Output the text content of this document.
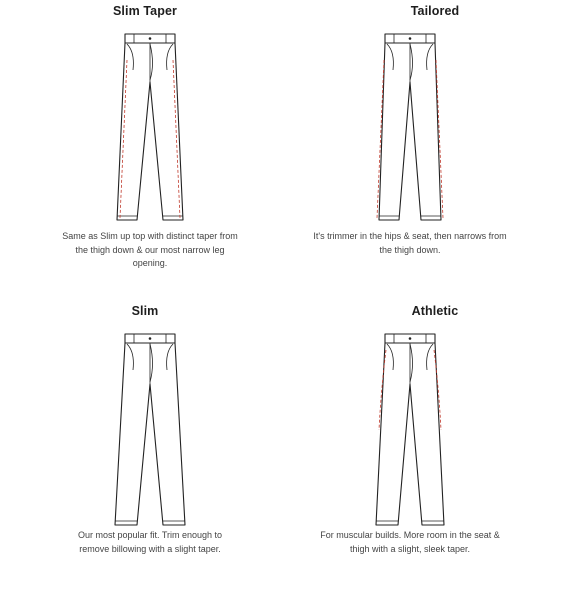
Slim Taper
Same as Slim up top with distinct taper from the thigh down & our most narrow leg opening.
Tailored
It's trimmer in the hips & seat, then narrows from the thigh down.
Slim
Our most popular fit. Trim enough to remove billowing with a slight taper.
Athletic
For muscular builds. More room in the seat & thigh with a slight, sleek taper.
